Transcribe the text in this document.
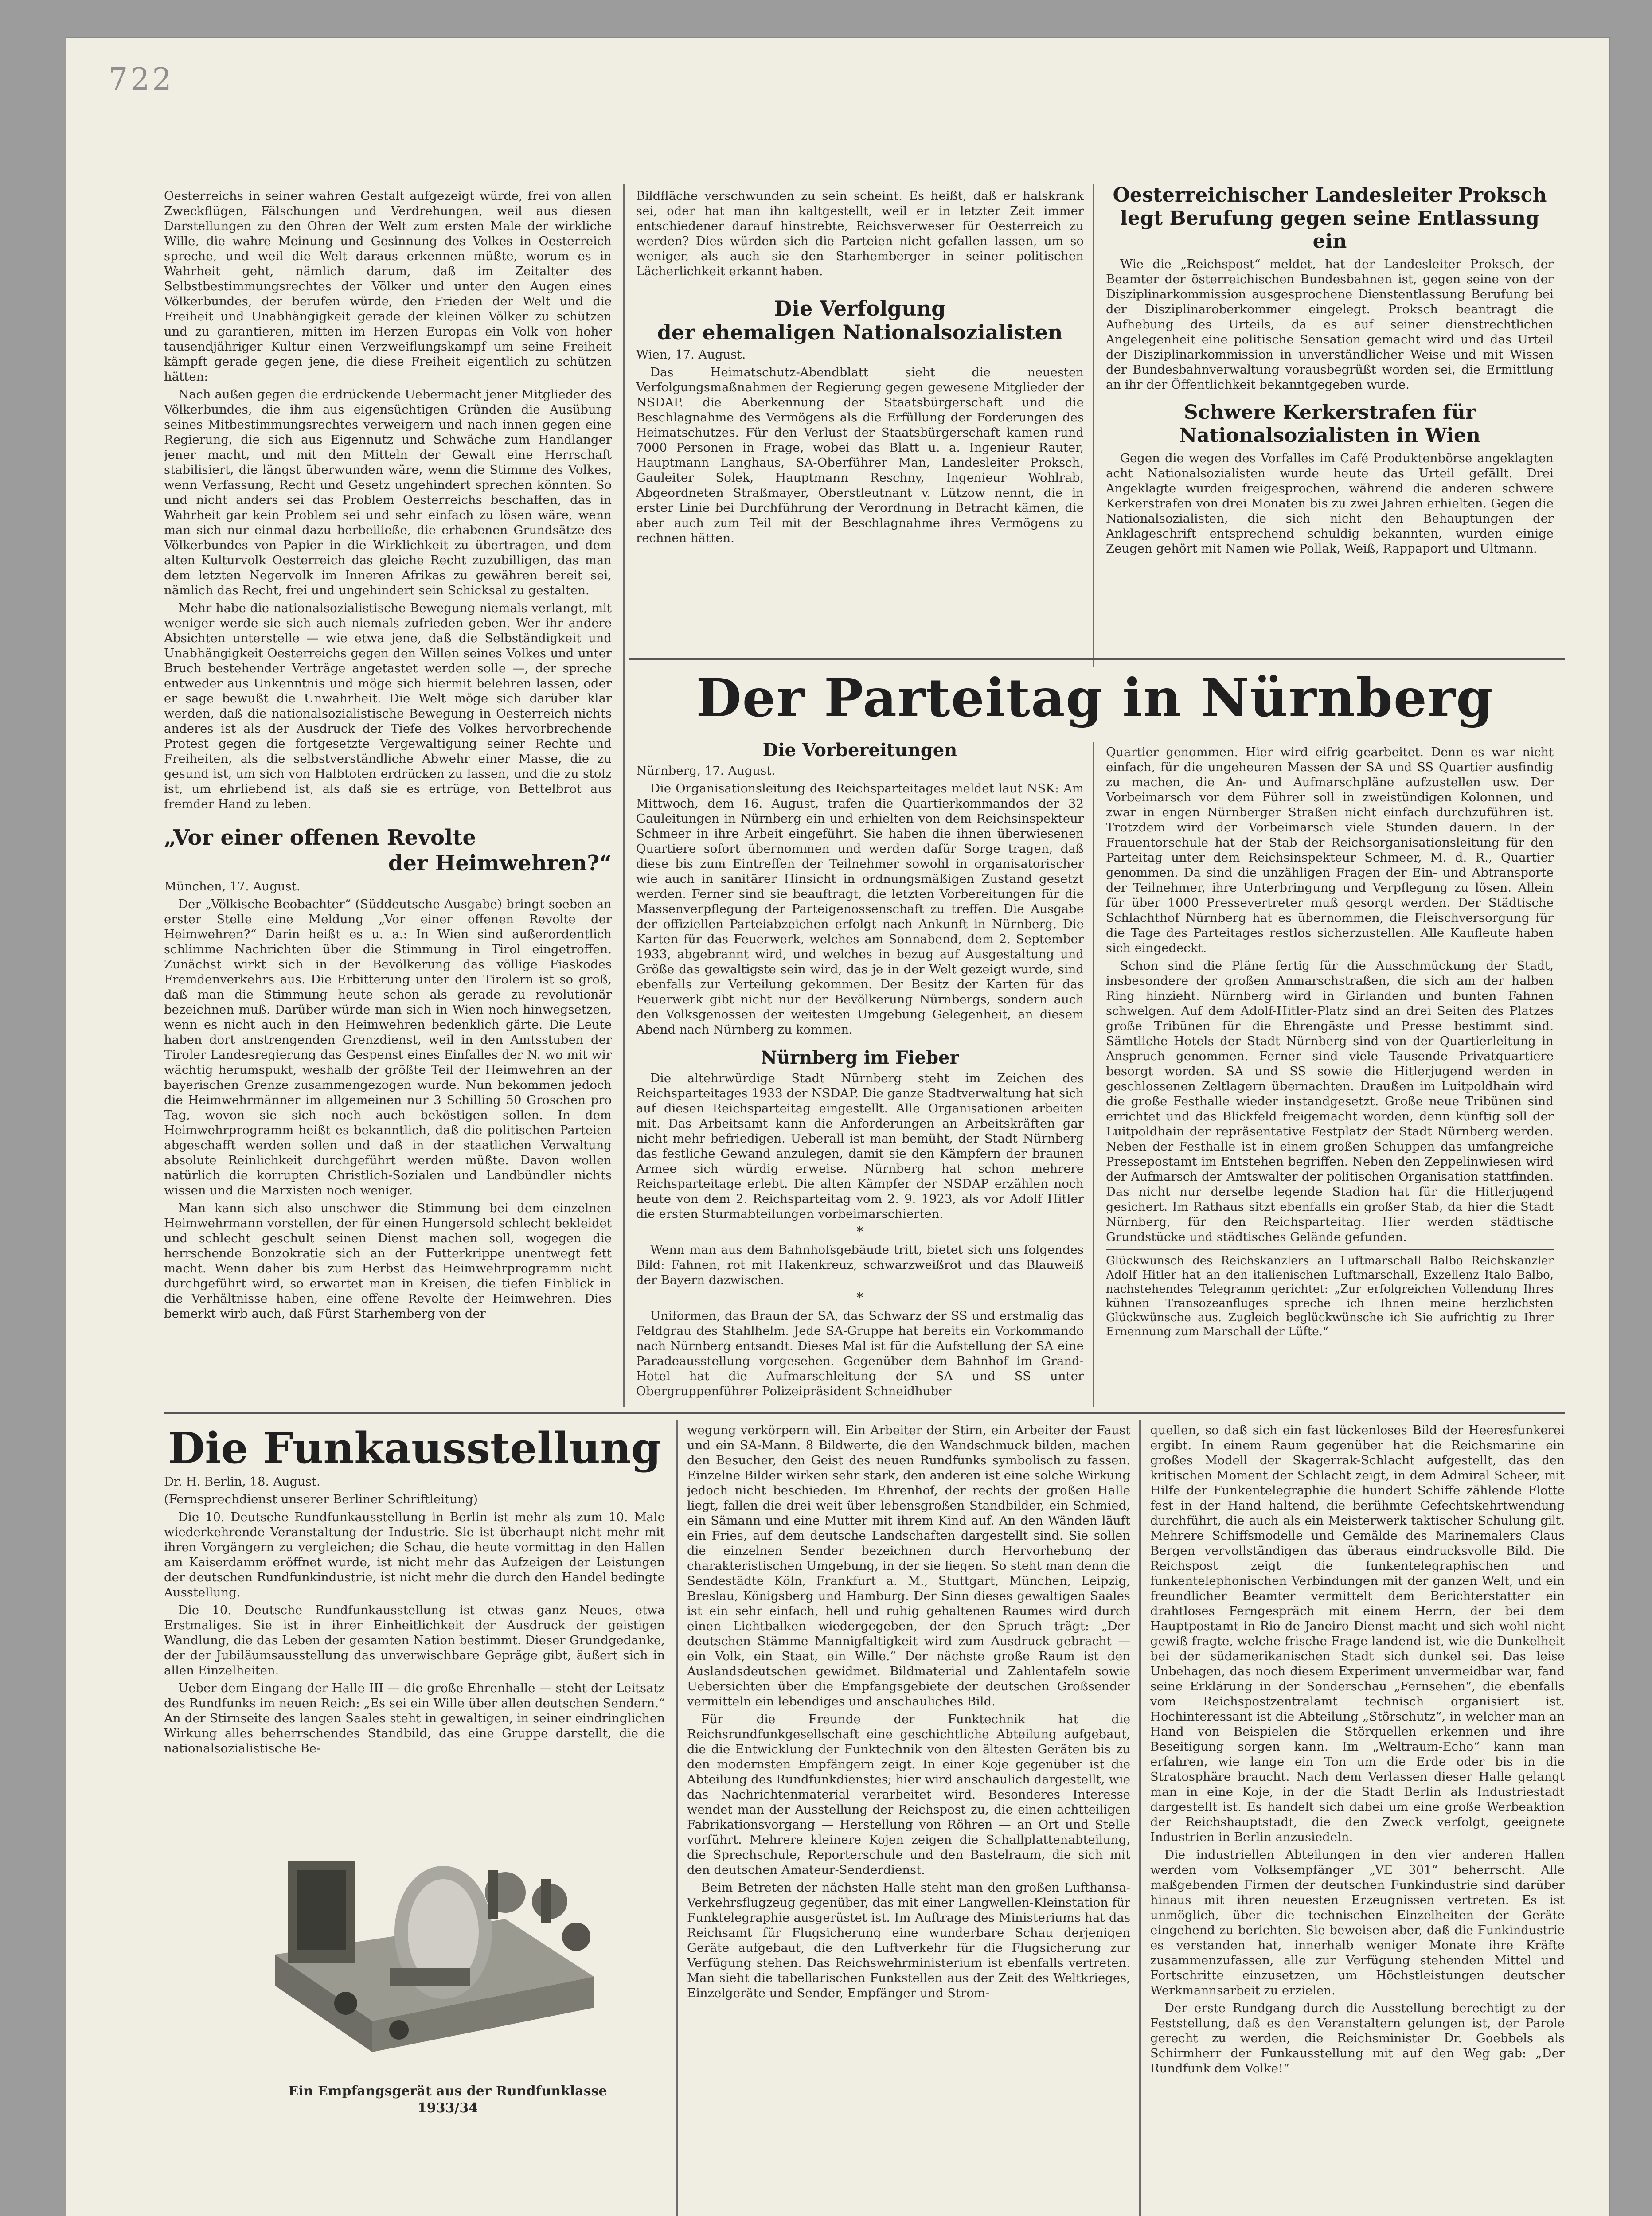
722

Oesterreichs in seiner wahren Gestalt aufgezeigt würde, frei von allen Zweckflügen, Fälschungen und Verdrehungen, weil aus diesen Darstellungen zu den Ohren der Welt zum ersten Male der wirkliche Wille, die wahre Meinung und Gesinnung des Volkes in Oesterreich spreche, und weil die Welt daraus erkennen müßte, worum es in Wahrheit geht, nämlich darum, daß im Zeitalter des Selbstbestimmungsrechtes der Völker und unter den Augen eines Völkerbundes, der berufen würde, den Frieden der Welt und die Freiheit und Unabhängigkeit gerade der kleinen Völker zu schützen und zu garantieren, mitten im Herzen Europas ein Volk von hoher tausendjähriger Kultur einen Verzweiflungskampf um seine Freiheit kämpft gerade gegen jene, die diese Freiheit eigentlich zu schützen hätten:

Nach außen gegen die erdrückende Uebermacht jener Mitglieder des Völkerbundes, die ihm aus eigensüchtigen Gründen die Ausübung seines Mitbestimmungsrechtes verweigern und nach innen gegen eine Regierung, die sich aus Eigennutz und Schwäche zum Handlanger jener macht, und mit den Mitteln der Gewalt eine Herrschaft stabilisiert, die längst überwunden wäre, wenn die Stimme des Volkes, wenn Verfassung, Recht und Gesetz ungehindert sprechen könnten. So und nicht anders sei das Problem Oesterreichs beschaffen, das in Wahrheit gar kein Problem sei und sehr einfach zu lösen wäre, wenn man sich nur einmal dazu herbeiließe, die erhabenen Grundsätze des Völkerbundes von Papier in die Wirklichkeit zu übertragen, und dem alten Kulturvolk Oesterreich das gleiche Recht zuzubilligen, das man dem letzten Negervolk im Inneren Afrikas zu gewähren bereit sei, nämlich das Recht, frei und ungehindert sein Schicksal zu gestalten.

Mehr habe die nationalsozialistische Bewegung niemals verlangt, mit weniger werde sie sich auch niemals zufrieden geben. Wer ihr andere Absichten unterstelle — wie etwa jene, daß die Selbständigkeit und Unabhängigkeit Oesterreichs gegen den Willen seines Volkes und unter Bruch bestehender Verträge angetastet werden solle —, der spreche entweder aus Unkenntnis und möge sich hiermit belehren lassen, oder er sage bewußt die Unwahrheit. Die Welt möge sich darüber klar werden, daß die nationalsozialistische Bewegung in Oesterreich nichts anderes ist als der Ausdruck der Tiefe des Volkes hervorbrechende Protest gegen die fortgesetzte Vergewaltigung seiner Rechte und Freiheiten, als die selbstverständliche Abwehr einer Masse, die zu gesund ist, um sich von Halbtoten erdrücken zu lassen, und die zu stolz ist, um ehrliebend ist, als daß sie es ertrüge, von Bettelbrot aus fremder Hand zu leben.

„Vor einer offenen Revolte
der Heimwehren?“

München, 17. August.

Der „Völkische Beobachter“ (Süddeutsche Ausgabe) bringt soeben an erster Stelle eine Meldung „Vor einer offenen Revolte der Heimwehren?“ Darin heißt es u. a.: In Wien sind außerordentlich schlimme Nachrichten über die Stimmung in Tirol eingetroffen. Zunächst wirkt sich in der Bevölkerung das völlige Fiaskodes Fremdenverkehrs aus. Die Erbitterung unter den Tirolern ist so groß, daß man die Stimmung heute schon als gerade zu revolutionär bezeichnen muß. Darüber würde man sich in Wien noch hinwegsetzen, wenn es nicht auch in den Heimwehren bedenklich gärte. Die Leute haben dort anstrengenden Grenzdienst, weil in den Amtsstuben der Tiroler Landesregierung das Gespenst eines Einfalles der N. wo mit wir wächtig herumspukt, weshalb der größte Teil der Heimwehren an der bayerischen Grenze zusammengezogen wurde. Nun bekommen jedoch die Heimwehrmänner im allgemeinen nur 3 Schilling 50 Groschen pro Tag, wovon sie sich noch auch beköstigen sollen. In dem Heimwehrprogramm heißt es bekanntlich, daß die politischen Parteien abgeschafft werden sollen und daß in der staatlichen Verwaltung absolute Reinlichkeit durchgeführt werden müßte. Davon wollen natürlich die korrupten Christlich-Sozialen und Landbündler nichts wissen und die Marxisten noch weniger.

Man kann sich also unschwer die Stimmung bei dem einzelnen Heimwehrmann vorstellen, der für einen Hungersold schlecht bekleidet und schlecht geschult seinen Dienst machen soll, wogegen die herrschende Bonzokratie sich an der Futterkrippe unentwegt fett macht. Wenn daher bis zum Herbst das Heimwehrprogramm nicht durchgeführt wird, so erwartet man in Kreisen, die tiefen Einblick in die Verhältnisse haben, eine offene Revolte der Heimwehren. Dies bemerkt wirb auch, daß Fürst Starhemberg von der

Bildfläche verschwunden zu sein scheint. Es heißt, daß er halskrank sei, oder hat man ihn kaltgestellt, weil er in letzter Zeit immer entschiedener darauf hinstrebte, Reichsverweser für Oesterreich zu werden? Dies würden sich die Parteien nicht gefallen lassen, um so weniger, als auch sie den Starhemberger in seiner politischen Lächerlichkeit erkannt haben.

Die Verfolgung
der ehemaligen Nationalsozialisten

Wien, 17. August.

Das Heimatschutz-Abendblatt sieht die neuesten Verfolgungsmaßnahmen der Regierung gegen gewesene Mitglieder der NSDAP. die Aberkennung der Staatsbürgerschaft und die Beschlagnahme des Vermögens als die Erfüllung der Forderungen des Heimatschutzes. Für den Verlust der Staatsbürgerschaft kamen rund 7000 Personen in Frage, wobei das Blatt u. a. Ingenieur Rauter, Hauptmann Langhaus, SA-Oberführer Man, Landesleiter Proksch, Gauleiter Solek, Hauptmann Reschny, Ingenieur Wohlrab, Abgeordneten Straßmayer, Oberstleutnant v. Lützow nennt, die in erster Linie bei Durchführung der Verordnung in Betracht kämen, die aber auch zum Teil mit der Beschlagnahme ihres Vermögens zu rechnen hätten.

Oesterreichischer Landesleiter Proksch legt Berufung gegen seine Entlassung ein

Wie die „Reichspost“ meldet, hat der Landesleiter Proksch, der Beamter der österreichischen Bundesbahnen ist, gegen seine von der Disziplinarkommission ausgesprochene Dienstentlassung Berufung bei der Disziplinaroberkommer eingelegt. Proksch beantragt die Aufhebung des Urteils, da es auf seiner dienstrechtlichen Angelegenheit eine politische Sensation gemacht wird und das Urteil der Disziplinarkommission in unverständlicher Weise und mit Wissen der Bundesbahnverwaltung vorausbegrüßt worden sei, die Ermittlung an ihr der Öffentlichkeit bekanntgegeben wurde.

Schwere Kerkerstrafen für Nationalsozialisten in Wien

Gegen die wegen des Vorfalles im Café Produktenbörse angeklagten acht Nationalsozialisten wurde heute das Urteil gefällt. Drei Angeklagte wurden freigesprochen, während die anderen schwere Kerkerstrafen von drei Monaten bis zu zwei Jahren erhielten. Gegen die Nationalsozialisten, die sich nicht den Behauptungen der Anklageschrift entsprechend schuldig bekannten, wurden einige Zeugen gehört mit Namen wie Pollak, Weiß, Rappaport und Ultmann.

Der Parteitag in Nürnberg
Die Vorbereitungen

Nürnberg, 17. August.

Die Organisationsleitung des Reichsparteitages meldet laut NSK: Am Mittwoch, dem 16. August, trafen die Quartierkommandos der 32 Gauleitungen in Nürnberg ein und erhielten von dem Reichsinspekteur Schmeer in ihre Arbeit eingeführt. Sie haben die ihnen überwiesenen Quartiere sofort übernommen und werden dafür Sorge tragen, daß diese bis zum Eintreffen der Teilnehmer sowohl in organisatorischer wie auch in sanitärer Hinsicht in ordnungsmäßigen Zustand gesetzt werden. Ferner sind sie beauftragt, die letzten Vorbereitungen für die Massenverpflegung der Parteigenossenschaft zu treffen. Die Ausgabe der offiziellen Parteiabzeichen erfolgt nach Ankunft in Nürnberg. Die Karten für das Feuerwerk, welches am Sonnabend, dem 2. September 1933, abgebrannt wird, und welches in bezug auf Ausgestaltung und Größe das gewaltigste sein wird, das je in der Welt gezeigt wurde, sind ebenfalls zur Verteilung gekommen. Der Besitz der Karten für das Feuerwerk gibt nicht nur der Bevölkerung Nürnbergs, sondern auch den Volksgenossen der weitesten Umgebung Gelegenheit, an diesem Abend nach Nürnberg zu kommen.

Nürnberg im Fieber

Die altehrwürdige Stadt Nürnberg steht im Zeichen des Reichsparteitages 1933 der NSDAP. Die ganze Stadtverwaltung hat sich auf diesen Reichsparteitag eingestellt. Alle Organisationen arbeiten mit. Das Arbeitsamt kann die Anforderungen an Arbeitskräften gar nicht mehr befriedigen. Ueberall ist man bemüht, der Stadt Nürnberg das festliche Gewand anzulegen, damit sie den Kämpfern der braunen Armee sich würdig erweise. Nürnberg hat schon mehrere Reichsparteitage erlebt. Die alten Kämpfer der NSDAP erzählen noch heute von dem 2. Reichsparteitag vom 2. 9. 1923, als vor Adolf Hitler die ersten Sturmabteilungen vorbeimarschierten.

*

Wenn man aus dem Bahnhofsgebäude tritt, bietet sich uns folgendes Bild: Fahnen, rot mit Hakenkreuz, schwarzweißrot und das Blauweiß der Bayern dazwischen.

*

Uniformen, das Braun der SA, das Schwarz der SS und erstmalig das Feldgrau des Stahlhelm. Jede SA-Gruppe hat bereits ein Vorkommando nach Nürnberg entsandt. Dieses Mal ist für die Aufstellung der SA eine Paradeausstellung vorgesehen. Gegenüber dem Bahnhof im Grand-Hotel hat die Aufmarschleitung der SA und SS unter Obergruppenführer Polizeipräsident Schneidhuber

Quartier genommen. Hier wird eifrig gearbeitet. Denn es war nicht einfach, für die ungeheuren Massen der SA und SS Quartier ausfindig zu machen, die An- und Aufmarschpläne aufzustellen usw. Der Vorbeimarsch vor dem Führer soll in zweistündigen Kolonnen, und zwar in engen Nürnberger Straßen nicht einfach durchzuführen ist. Trotzdem wird der Vorbeimarsch viele Stunden dauern. In der Frauentorschule hat der Stab der Reichsorganisationsleitung für den Parteitag unter dem Reichsinspekteur Schmeer, M. d. R., Quartier genommen. Da sind die unzähligen Fragen der Ein- und Abtransporte der Teilnehmer, ihre Unterbringung und Verpflegung zu lösen. Allein für über 1000 Pressevertreter muß gesorgt werden. Der Städtische Schlachthof Nürnberg hat es übernommen, die Fleischversorgung für die Tage des Parteitages restlos sicherzustellen. Alle Kaufleute haben sich eingedeckt.

Schon sind die Pläne fertig für die Ausschmückung der Stadt, insbesondere der großen Anmarschstraßen, die sich am der halben Ring hinzieht. Nürnberg wird in Girlanden und bunten Fahnen schwelgen. Auf dem Adolf-Hitler-Platz sind an drei Seiten des Platzes große Tribünen für die Ehrengäste und Presse bestimmt sind. Sämtliche Hotels der Stadt Nürnberg sind von der Quartierleitung in Anspruch genommen. Ferner sind viele Tausende Privatquartiere besorgt worden. SA und SS sowie die Hitlerjugend werden in geschlossenen Zeltlagern übernachten. Draußen im Luitpoldhain wird die große Festhalle wieder instandgesetzt. Große neue Tribünen sind errichtet und das Blickfeld freigemacht worden, denn künftig soll der Luitpoldhain der repräsentative Festplatz der Stadt Nürnberg werden. Neben der Festhalle ist in einem großen Schuppen das umfangreiche Pressepostamt im Entstehen begriffen. Neben den Zeppelinwiesen wird der Aufmarsch der Amtswalter der politischen Organisation stattfinden. Das nicht nur derselbe legende Stadion hat für die Hitlerjugend gesichert. Im Rathaus sitzt ebenfalls ein großer Stab, da hier die Stadt Nürnberg, für den Reichsparteitag. Hier werden städtische Grundstücke und städtisches Gelände gefunden.

Glückwunsch des Reichskanzlers an Luftmarschall Balbo Reichskanzler Adolf Hitler hat an den italienischen Luftmarschall, Exzellenz Italo Balbo, nachstehendes Telegramm gerichtet: „Zur erfolgreichen Vollendung Ihres kühnen Transozeanfluges spreche ich Ihnen meine herzlichsten Glückwünsche aus. Zugleich beglückwünsche ich Sie aufrichtig zu Ihrer Ernennung zum Marschall der Lüfte.“

Die Funkausstellung

Dr. H. Berlin, 18. August.

(Fernsprechdienst unserer Berliner Schriftleitung)

Die 10. Deutsche Rundfunkausstellung in Berlin ist mehr als zum 10. Male wiederkehrende Veranstaltung der Industrie. Sie ist überhaupt nicht mehr mit ihren Vorgängern zu vergleichen; die Schau, die heute vormittag in den Hallen am Kaiserdamm eröffnet wurde, ist nicht mehr das Aufzeigen der Leistungen der deutschen Rundfunkindustrie, ist nicht mehr die durch den Handel bedingte Ausstellung.

Die 10. Deutsche Rundfunkausstellung ist etwas ganz Neues, etwa Erstmaliges. Sie ist in ihrer Einheitlichkeit der Ausdruck der geistigen Wandlung, die das Leben der gesamten Nation bestimmt. Dieser Grundgedanke, der der Jubiläumsausstellung das unverwischbare Gepräge gibt, äußert sich in allen Einzelheiten.

Ueber dem Eingang der Halle III — die große Ehrenhalle — steht der Leitsatz des Rundfunks im neuen Reich: „Es sei ein Wille über allen deutschen Sendern.“ An der Stirnseite des langen Saales steht in gewaltigen, in seiner eindringlichen Wirkung alles beherrschendes Standbild, das eine Gruppe darstellt, die die nationalsozialistische Be-

Ein Empfangsgerät aus der Rundfunklasse
1933/34

wegung verkörpern will. Ein Arbeiter der Stirn, ein Arbeiter der Faust und ein SA-Mann. 8 Bildwerte, die den Wandschmuck bilden, machen den Besucher, den Geist des neuen Rundfunks symbolisch zu fassen. Einzelne Bilder wirken sehr stark, den anderen ist eine solche Wirkung jedoch nicht beschieden. Im Ehrenhof, der rechts der großen Halle liegt, fallen die drei weit über lebensgroßen Standbilder, ein Schmied, ein Sämann und eine Mutter mit ihrem Kind auf. An den Wänden läuft ein Fries, auf dem deutsche Landschaften dargestellt sind. Sie sollen die einzelnen Sender bezeichnen durch Hervorhebung der charakteristischen Umgebung, in der sie liegen. So steht man denn die Sendestädte Köln, Frankfurt a. M., Stuttgart, München, Leipzig, Breslau, Königsberg und Hamburg. Der Sinn dieses gewaltigen Saales ist ein sehr einfach, hell und ruhig gehaltenen Raumes wird durch einen Lichtbalken wiedergegeben, der den Spruch trägt: „Der deutschen Stämme Mannigfaltigkeit wird zum Ausdruck gebracht — ein Volk, ein Staat, ein Wille.“ Der nächste große Raum ist den Auslandsdeutschen gewidmet. Bildmaterial und Zahlentafeln sowie Uebersichten über die Empfangsgebiete der deutschen Großsender vermitteln ein lebendiges und anschauliches Bild.

Für die Freunde der Funktechnik hat die Reichsrundfunkgesellschaft eine geschichtliche Abteilung aufgebaut, die die Entwicklung der Funktechnik von den ältesten Geräten bis zu den modernsten Empfängern zeigt. In einer Koje gegenüber ist die Abteilung des Rundfunkdienstes; hier wird anschaulich dargestellt, wie das Nachrichtenmaterial verarbeitet wird. Besonderes Interesse wendet man der Ausstellung der Reichspost zu, die einen achtteiligen Fabrikationsvorgang — Herstellung von Röhren — an Ort und Stelle vorführt. Mehrere kleinere Kojen zeigen die Schallplattenabteilung, die Sprechschule, Reporterschule und den Bastelraum, die sich mit den deutschen Amateur-Senderdienst.

Beim Betreten der nächsten Halle steht man den großen Lufthansa-Verkehrsflugzeug gegenüber, das mit einer Langwellen-Kleinstation für Funktelegraphie ausgerüstet ist. Im Auftrage des Ministeriums hat das Reichsamt für Flugsicherung eine wunderbare Schau derjenigen Geräte aufgebaut, die den Luftverkehr für die Flugsicherung zur Verfügung stehen. Das Reichswehrministerium ist ebenfalls vertreten. Man sieht die tabellarischen Funkstellen aus der Zeit des Weltkrieges, Einzelgeräte und Sender, Empfänger und Strom-

quellen, so daß sich ein fast lückenloses Bild der Heeresfunkerei ergibt. In einem Raum gegenüber hat die Reichsmarine ein großes Modell der Skagerrak-Schlacht aufgestellt, das den kritischen Moment der Schlacht zeigt, in dem Admiral Scheer, mit Hilfe der Funkentelegraphie die hundert Schiffe zählende Flotte fest in der Hand haltend, die berühmte Gefechtskehrtwendung durchführt, die auch als ein Meisterwerk taktischer Schulung gilt. Mehrere Schiffsmodelle und Gemälde des Marinemalers Claus Bergen vervollständigen das überaus eindrucksvolle Bild. Die Reichspost zeigt die funkentelegraphischen und funkentelephonischen Verbindungen mit der ganzen Welt, und ein freundlicher Beamter vermittelt dem Berichterstatter ein drahtloses Ferngespräch mit einem Herrn, der bei dem Hauptpostamt in Rio de Janeiro Dienst macht und sich wohl nicht gewiß fragte, welche frische Frage landend ist, wie die Dunkelheit bei der südamerikanischen Stadt sich dunkel sei. Das leise Unbehagen, das noch diesem Experiment unvermeidbar war, fand seine Erklärung in der Sonderschau „Fernsehen“, die ebenfalls vom Reichspostzentralamt technisch organisiert ist. Hochinteressant ist die Abteilung „Störschutz“, in welcher man an Hand von Beispielen die Störquellen erkennen und ihre Beseitigung sorgen kann. Im „Weltraum-Echo“ kann man erfahren, wie lange ein Ton um die Erde oder bis in die Stratosphäre braucht. Nach dem Verlassen dieser Halle gelangt man in eine Koje, in der die Stadt Berlin als Industriestadt dargestellt ist. Es handelt sich dabei um eine große Werbeaktion der Reichshauptstadt, die den Zweck verfolgt, geeignete Industrien in Berlin anzusiedeln.

Die industriellen Abteilungen in den vier anderen Hallen werden vom Volksempfänger „VE 301“ beherrscht. Alle maßgebenden Firmen der deutschen Funkindustrie sind darüber hinaus mit ihren neuesten Erzeugnissen vertreten. Es ist unmöglich, über die technischen Einzelheiten der Geräte eingehend zu berichten. Sie beweisen aber, daß die Funkindustrie es verstanden hat, innerhalb weniger Monate ihre Kräfte zusammenzufassen, alle zur Verfügung stehenden Mittel und Fortschritte einzusetzen, um Höchstleistungen deutscher Werkmannsarbeit zu erzielen.

Der erste Rundgang durch die Ausstellung berechtigt zu der Feststellung, daß es den Veranstaltern gelungen ist, der Parole gerecht zu werden, die Reichsminister Dr. Goebbels als Schirmherr der Funkausstellung mit auf den Weg gab: „Der Rundfunk dem Volke!“
